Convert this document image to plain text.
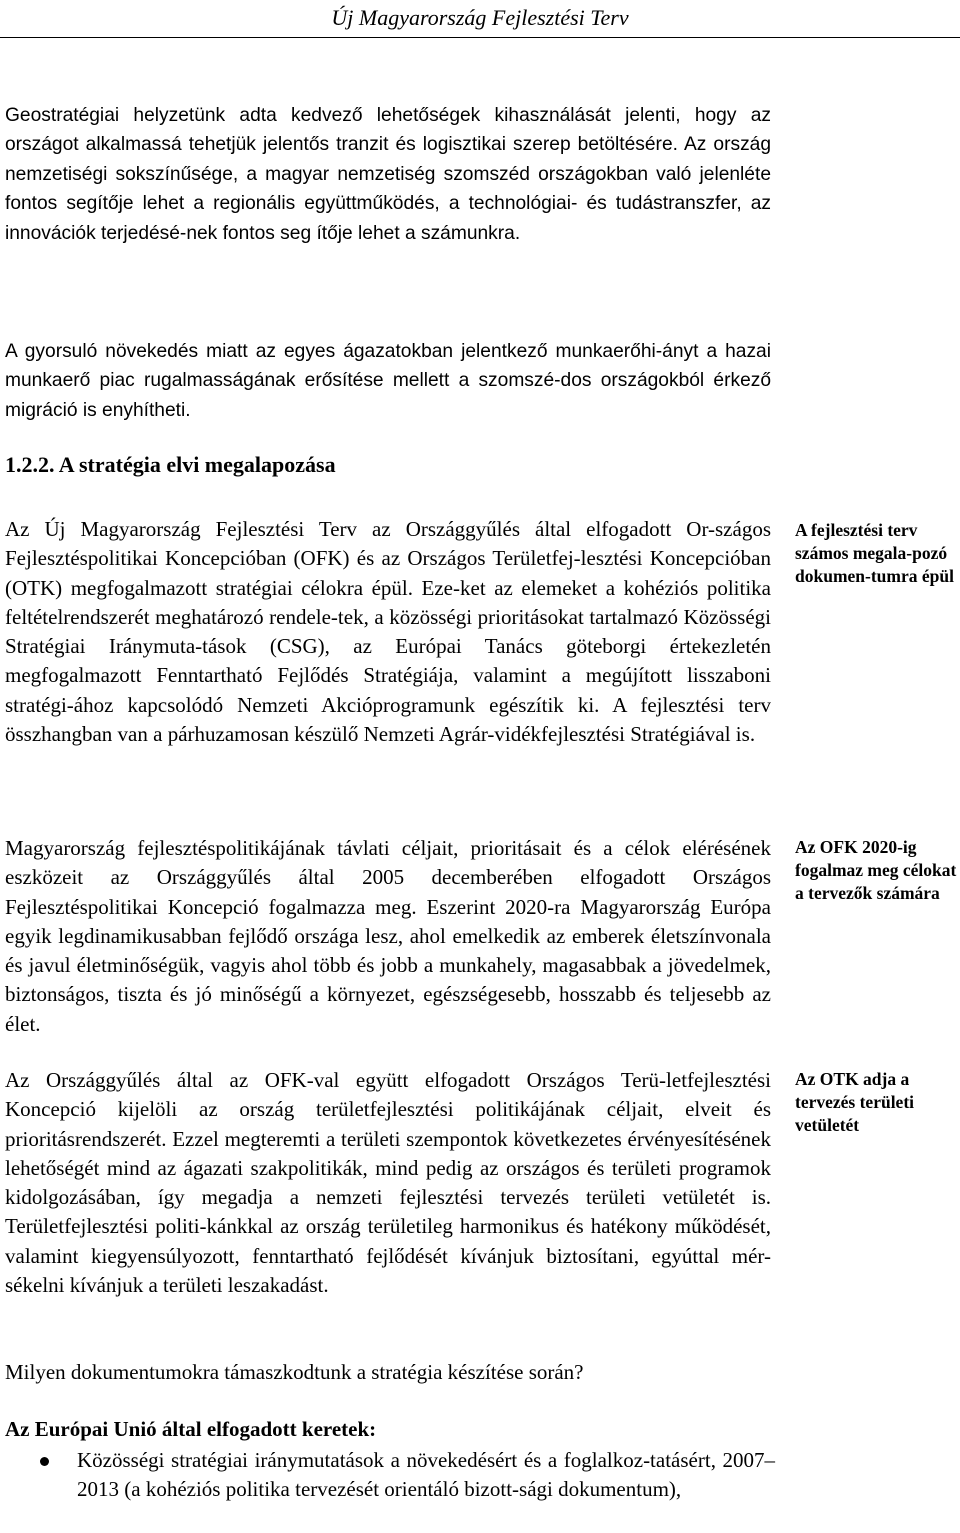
Új Magyarország Fejlesztési Terv

Geostratégiai helyzetünk adta kedvező lehetőségek kihasználását jelenti, hogy az országot alkalmassá tehetjük jelentős tranzit és logisztikai szerep betöltésére. Az ország nemzetiségi sokszínűsége, a magyar nemzetiség szomszéd országokban való jelenléte fontos segítője lehet a regionális együttműködés, a technológiai- és tudástranszfer, az innovációk terjedésé-nek fontos seg ítője lehet a számunkra.

A gyorsuló növekedés miatt az egyes ágazatokban jelentkező munkaerőhi-ányt a hazai munkaerő piac rugalmasságának erősítése mellett a szomszé-dos országokból érkező migráció is enyhítheti.

1.2.2. A stratégia elvi megalapozása

Az Új Magyarország Fejlesztési Terv az Országgyűlés által elfogadott Or-szágos Fejlesztéspolitikai Koncepcióban (OFK) és az Országos Területfej-lesztési Koncepcióban (OTK) megfogalmazott stratégiai célokra épül. Eze-ket az elemeket a kohéziós politika feltételrendszerét meghatározó rendele-tek, a közösségi prioritásokat tartalmazó Közösségi Stratégiai Iránymuta-tások (CSG), az Európai Tanács göteborgi értekezletén megfogalmazott Fenntartható Fejlődés Stratégiája, valamint a megújított lisszaboni stratégi-ához kapcsolódó Nemzeti Akcióprogramunk egészítik ki. A fejlesztési terv összhangban van a párhuzamosan készülő Nemzeti Agrár-vidékfejlesztési Stratégiával is.

A fejlesztési terv számos megala-pozó dokumen-tumra épül

Magyarország fejlesztéspolitikájának távlati céljait, prioritásait és a célok elérésének eszközeit az Országgyűlés által 2005 decemberében elfogadott Országos Fejlesztéspolitikai Koncepció fogalmazza meg. Eszerint 2020-ra Magyarország Európa egyik legdinamikusabban fejlődő országa lesz, ahol emelkedik az emberek életszínvonala és javul életminőségük, vagyis ahol több és jobb a munkahely, magasabbak a jövedelmek, biztonságos, tiszta és jó minőségű a környezet, egészségesebb, hosszabb és teljesebb az élet.

Az OFK 2020-ig fogalmaz meg célokat a tervezők számára

Az Országgyűlés által az OFK-val együtt elfogadott Országos Terü-letfejlesztési Koncepció kijelöli az ország területfejlesztési politikájának céljait, elveit és prioritásrendszerét. Ezzel megteremti a területi szempontok következetes érvényesítésének lehetőségét mind az ágazati szakpolitikák, mind pedig az országos és területi programok kidolgozásában, így megadja a nemzeti fejlesztési tervezés területi vetületét is. Területfejlesztési politi-kánkkal az ország területileg harmonikus és hatékony működését, valamint kiegyensúlyozott, fenntartható fejlődését kívánjuk biztosítani, egyúttal mér-sékelni kívánjuk a területi leszakadást.

Az OTK adja a tervezés területi vetületét

Milyen dokumentumokra támaszkodtunk a stratégia készítése során?

Az Európai Unió által elfogadott keretek:

Közösségi stratégiai iránymutatások a növekedésért és a foglalkoz-tatásért, 2007–2013 (a kohéziós politika tervezését orientáló bizott-sági dokumentum),
